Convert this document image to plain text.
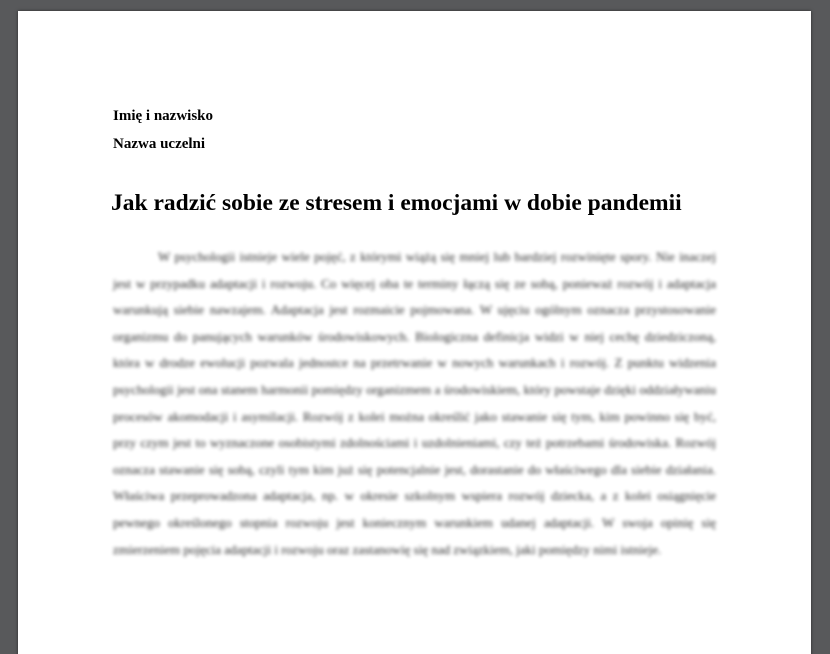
Imię i nazwisko
Nazwa uczelni
Jak radzić sobie ze stresem i emocjami w dobie pandemii
W psychologii istnieje wiele pojęć, z którymi wiążą się mniej lub bardziej rozwinięte spory. Nie inaczej jest w przypadku adaptacji i rozwoju. Co więcej oba te terminy łączą się ze sobą, ponieważ rozwój i adaptacja warunkują siebie nawzajem. Adaptacja jest rozmaicie pojmowana. W ujęciu ogólnym oznacza przystosowanie organizmu do panujących warunków środowiskowych. Biologiczna definicja widzi w niej cechę dziedziczoną, która w drodze ewolucji pozwala jednostce na przetrwanie w nowych warunkach i rozwój. Z punktu widzenia psychologii jest ona stanem harmonii pomiędzy organizmem a środowiskiem, który powstaje dzięki oddziaływaniu procesów akomodacji i asymilacji. Rozwój z kolei można określić jako stawanie się tym, kim powinno się być, przy czym jest to wyznaczone osobistymi zdolnościami i uzdolnieniami, czy też potrzebami środowiska. Rozwój oznacza stawanie się sobą, czyli tym kim już się potencjalnie jest, dorastanie do właściwego dla siebie działania. Właściwa przeprowadzona adaptacja, np. w okresie szkolnym wspiera rozwój dziecka, a z kolei osiągnięcie pewnego określonego stopnia rozwoju jest koniecznym warunkiem udanej adaptacji. W swoja opinię się zmierzeniem pojęcia adaptacji i rozwoju oraz zastanowię się nad związkiem, jaki pomiędzy nimi istnieje.
